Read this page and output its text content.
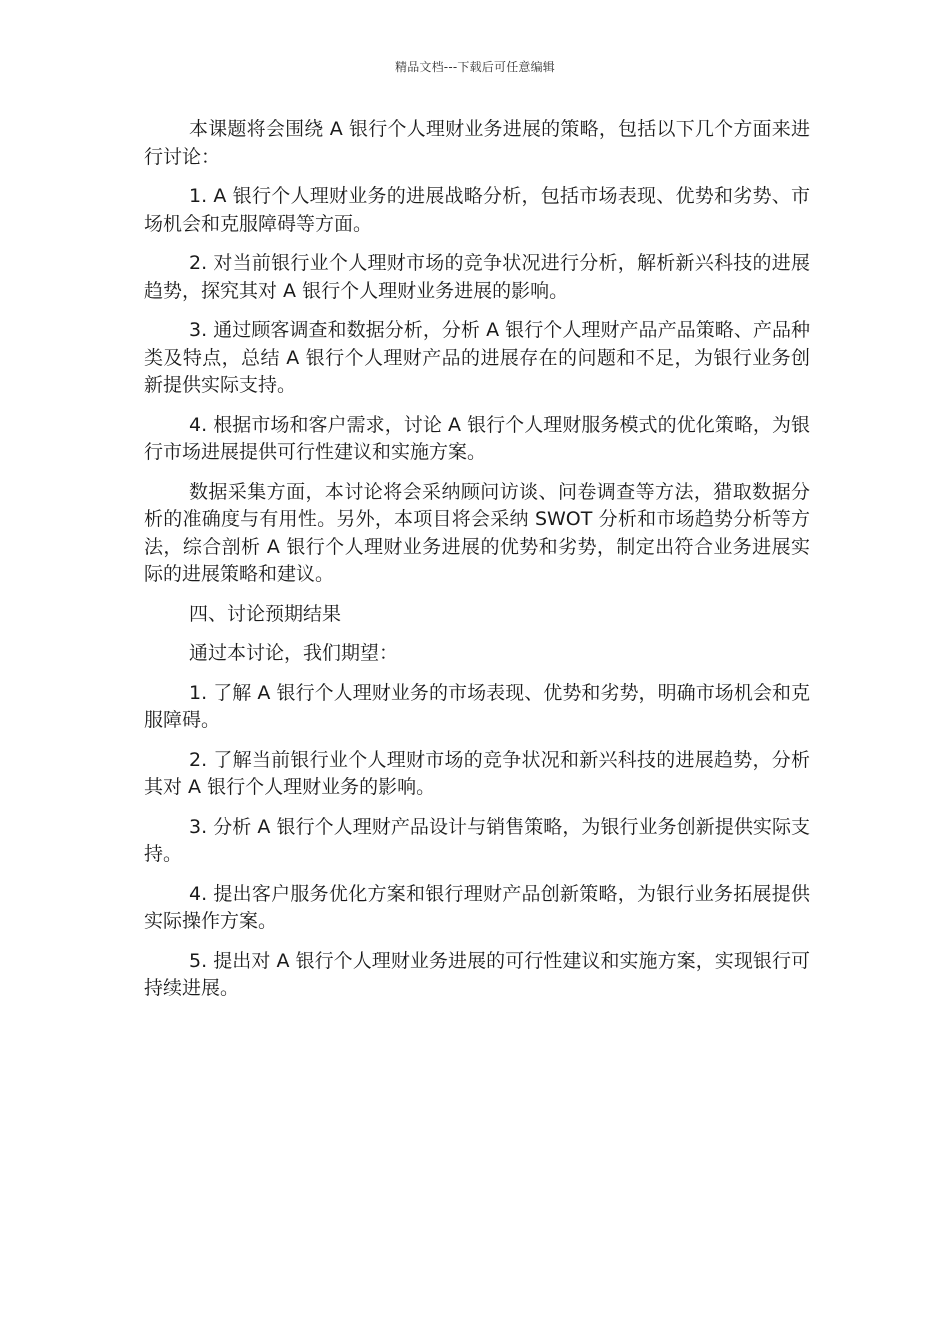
精品文档---下载后可任意编辑

本课题将会围绕 A 银行个人理财业务进展的策略，包括以下几个方面来进行讨论：

1. A 银行个人理财业务的进展战略分析，包括市场表现、优势和劣势、市场机会和克服障碍等方面。

2. 对当前银行业个人理财市场的竞争状况进行分析，解析新兴科技的进展趋势，探究其对 A 银行个人理财业务进展的影响。

3. 通过顾客调查和数据分析，分析 A 银行个人理财产品产品策略、产品种类及特点，总结 A 银行个人理财产品的进展存在的问题和不足，为银行业务创新提供实际支持。

4. 根据市场和客户需求，讨论 A 银行个人理财服务模式的优化策略，为银行市场进展提供可行性建议和实施方案。

数据采集方面，本讨论将会采纳顾问访谈、问卷调查等方法，猎取数据分析的准确度与有用性。另外，本项目将会采纳 SWOT 分析和市场趋势分析等方法，综合剖析 A 银行个人理财业务进展的优势和劣势，制定出符合业务进展实际的进展策略和建议。

四、讨论预期结果

通过本讨论，我们期望：

1. 了解 A 银行个人理财业务的市场表现、优势和劣势，明确市场机会和克服障碍。

2. 了解当前银行业个人理财市场的竞争状况和新兴科技的进展趋势，分析其对 A 银行个人理财业务的影响。

3. 分析 A 银行个人理财产品设计与销售策略，为银行业务创新提供实际支持。

4. 提出客户服务优化方案和银行理财产品创新策略，为银行业务拓展提供实际操作方案。

5. 提出对 A 银行个人理财业务进展的可行性建议和实施方案，实现银行可持续进展。
